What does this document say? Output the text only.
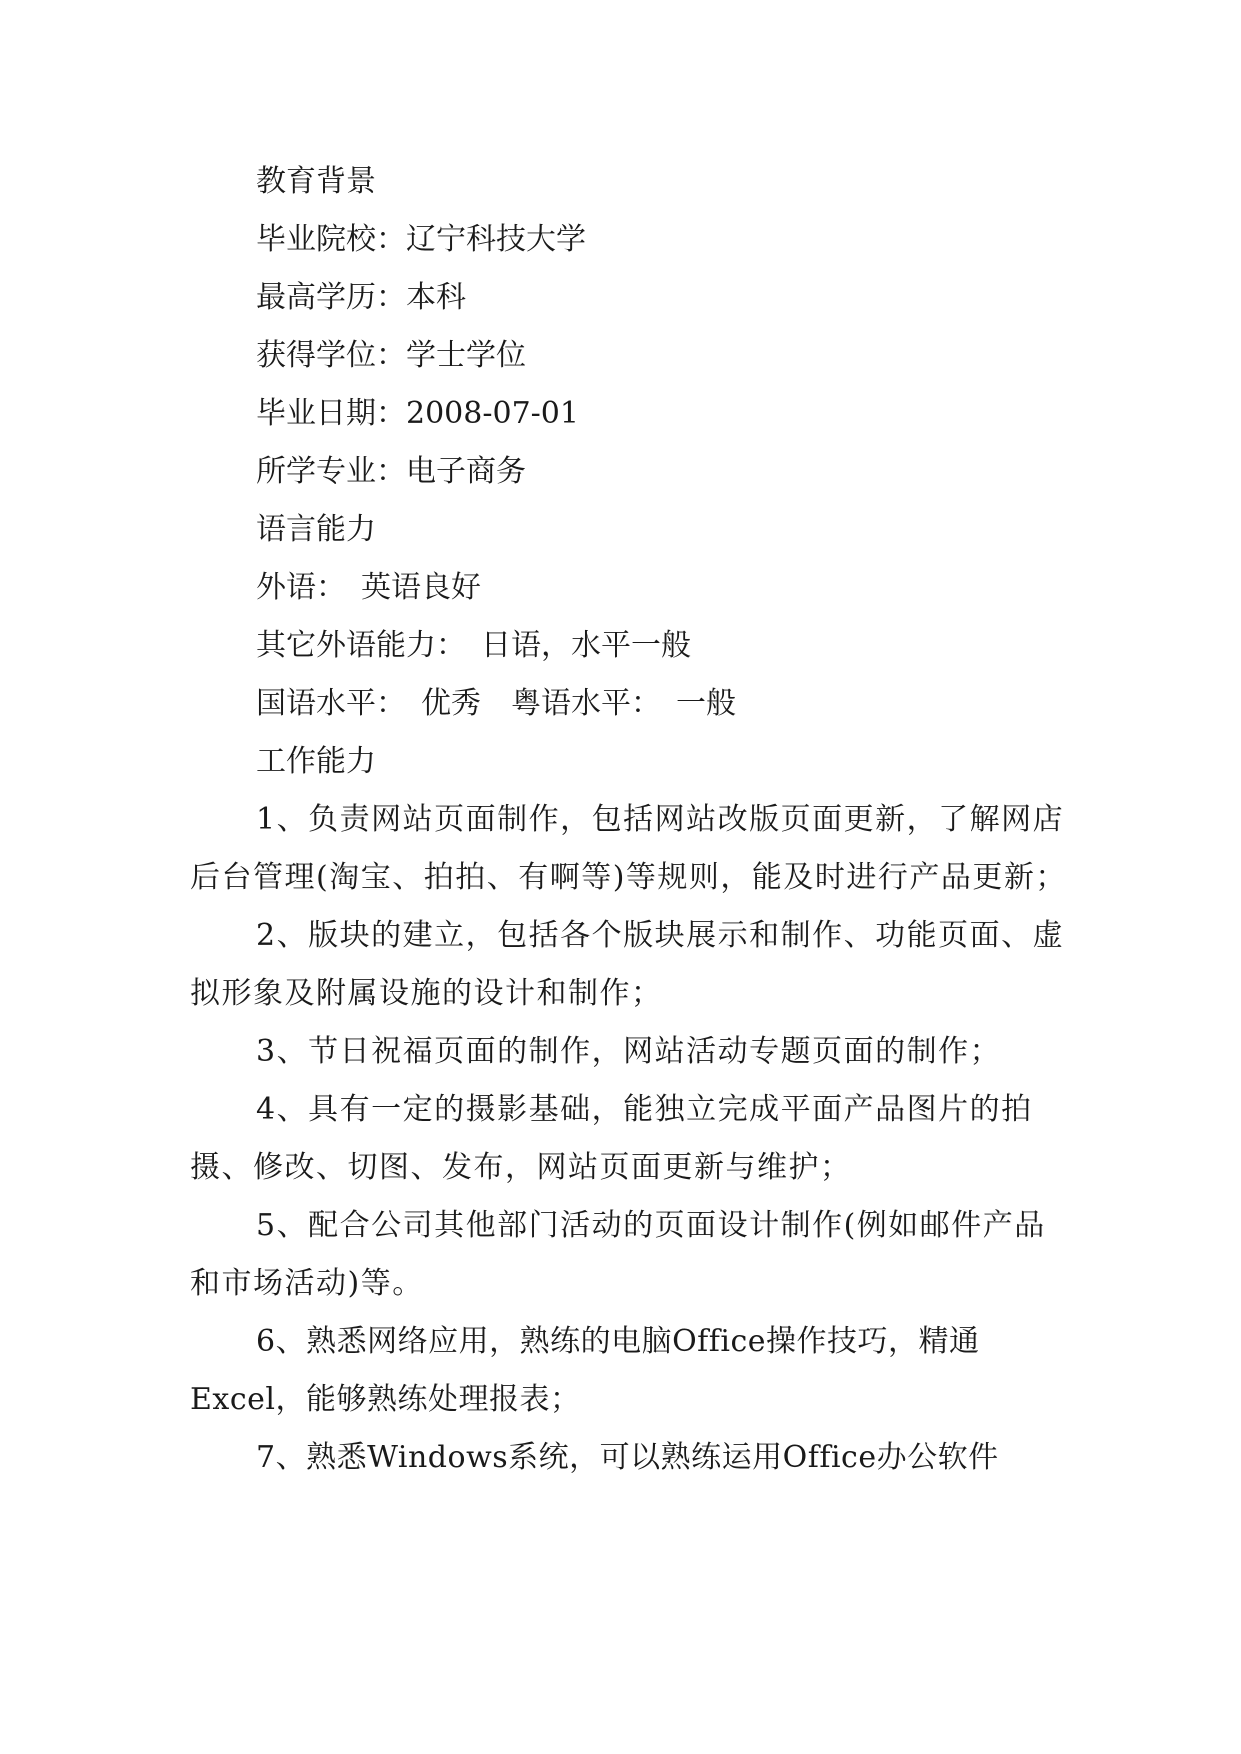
教育背景

毕业院校：辽宁科技大学

最高学历：本科

获得学位：学士学位

毕业日期：2008-07-01

所学专业：电子商务

语言能力

外语：　英语良好

其它外语能力：　日语，水平一般

国语水平：　优秀　粤语水平：　一般

工作能力

1、负责网站页面制作，包括网站改版页面更新，了解网店后台管理(淘宝、拍拍、有啊等)等规则，能及时进行产品更新；

2、版块的建立，包括各个版块展示和制作、功能页面、虚拟形象及附属设施的设计和制作；

3、节日祝福页面的制作，网站活动专题页面的制作；

4、具有一定的摄影基础，能独立完成平面产品图片的拍摄、修改、切图、发布，网站页面更新与维护；

5、配合公司其他部门活动的页面设计制作(例如邮件产品和市场活动)等。

6、熟悉网络应用，熟练的电脑Office操作技巧，精通Excel，能够熟练处理报表；

7、熟悉Windows系统，可以熟练运用Office办公软件
